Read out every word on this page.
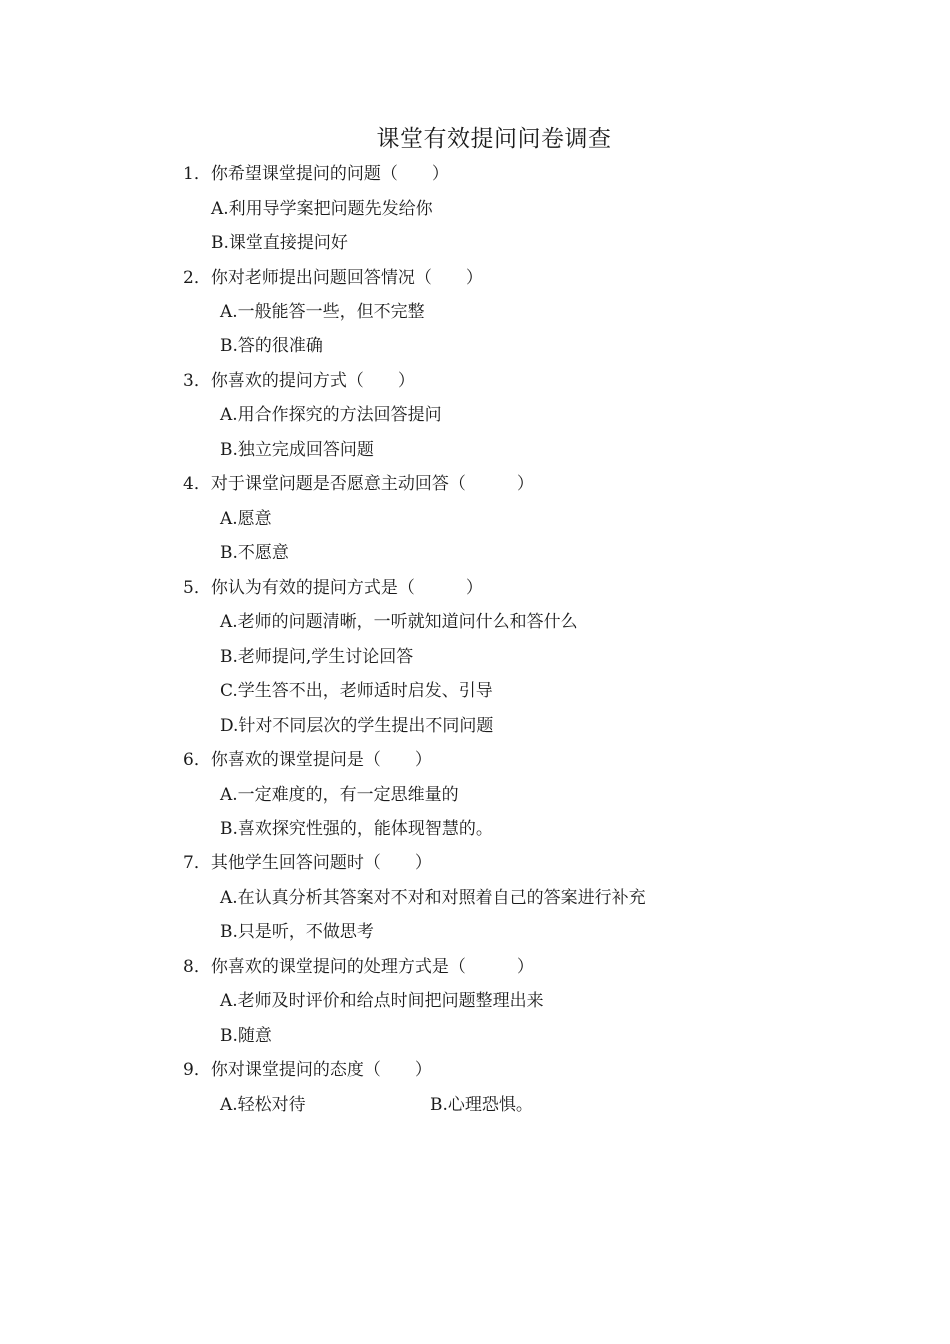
课堂有效提问问卷调查
1．你希望课堂提问的问题（　　）
A.利用导学案把问题先发给你
B.课堂直接提问好
2．你对老师提出问题回答情况（　　）
A.一般能答一些，但不完整
B.答的很准确
3．你喜欢的提问方式（　　）
A.用合作探究的方法回答提问
B.独立完成回答问题
4．对于课堂问题是否愿意主动回答（　　　）
A.愿意
B.不愿意
5．你认为有效的提问方式是（　　　）
A.老师的问题清晰，一听就知道问什么和答什么
B.老师提问,学生讨论回答
C.学生答不出，老师适时启发、引导
D.针对不同层次的学生提出不同问题
6．你喜欢的课堂提问是（　　）
A.一定难度的，有一定思维量的
B.喜欢探究性强的，能体现智慧的。
7．其他学生回答问题时（　　）
A.在认真分析其答案对不对和对照着自己的答案进行补充
B.只是听，不做思考
8．你喜欢的课堂提问的处理方式是（　　　）
A.老师及时评价和给点时间把问题整理出来
B.随意
9．你对课堂提问的态度（　　）
A.轻松对待	B.心理恐惧。
